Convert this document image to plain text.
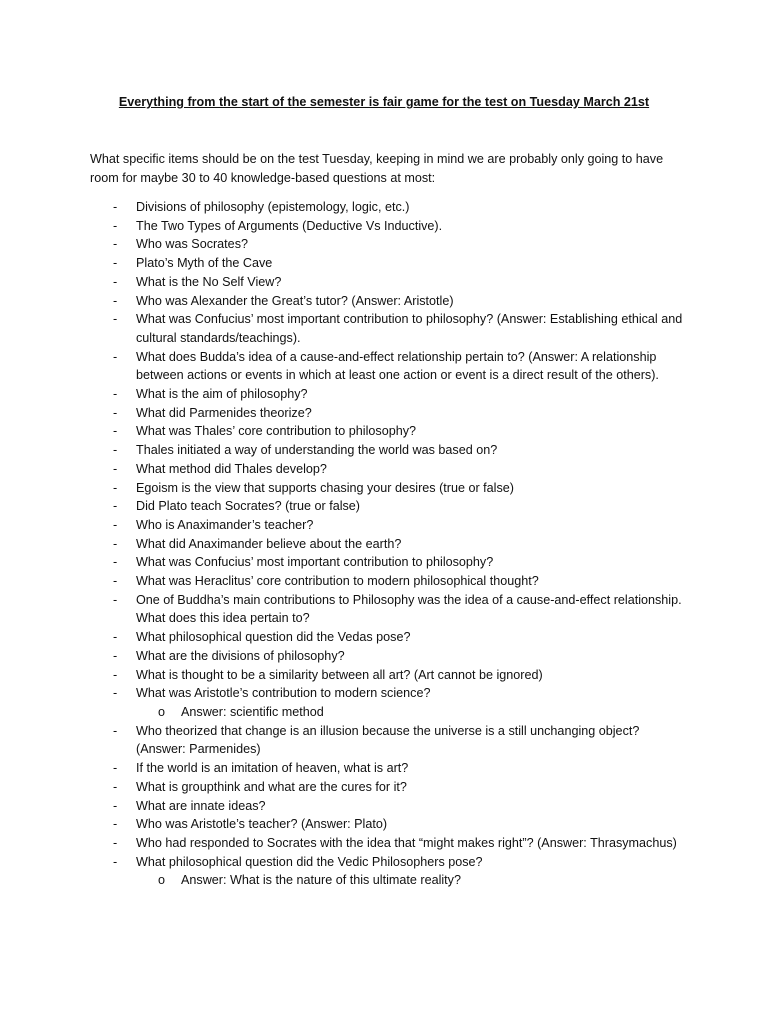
Everything from the start of the semester is fair game for the test on Tuesday March 21st
What specific items should be on the test Tuesday, keeping in mind we are probably only going to have room for maybe 30 to 40 knowledge-based questions at most:
- Divisions of philosophy (epistemology, logic, etc.)
- The Two Types of Arguments (Deductive Vs Inductive).
- Who was Socrates?
- Plato’s Myth of the Cave
- What is the No Self View?
- Who was Alexander the Great’s tutor? (Answer: Aristotle)
- What was Confucius’ most important contribution to philosophy? (Answer: Establishing ethical and cultural standards/teachings).
- What does Budda’s idea of a cause-and-effect relationship pertain to? (Answer: A relationship between actions or events in which at least one action or event is a direct result of the others).
- What is the aim of philosophy?
- What did Parmenides theorize?
- What was Thales’ core contribution to philosophy?
- Thales initiated a way of understanding the world was based on?
- What method did Thales develop?
- Egoism is the view that supports chasing your desires (true or false)
- Did Plato teach Socrates? (true or false)
- Who is Anaximander’s teacher?
- What did Anaximander believe about the earth?
- What was Confucius’ most important contribution to philosophy?
- What was Heraclitus’ core contribution to modern philosophical thought?
- One of Buddha’s main contributions to Philosophy was the idea of a cause-and-effect relationship. What does this idea pertain to?
- What philosophical question did the Vedas pose?
- What are the divisions of philosophy?
- What is thought to be a similarity between all art? (Art cannot be ignored)
- What was Aristotle’s contribution to modern science?
o Answer: scientific method
- Who theorized that change is an illusion because the universe is a still unchanging object? (Answer: Parmenides)
- If the world is an imitation of heaven, what is art?
- What is groupthink and what are the cures for it?
- What are innate ideas?
- Who was Aristotle’s teacher? (Answer: Plato)
- Who had responded to Socrates with the idea that “might makes right”? (Answer: Thrasymachus)
- What philosophical question did the Vedic Philosophers pose?
o Answer: What is the nature of this ultimate reality?
